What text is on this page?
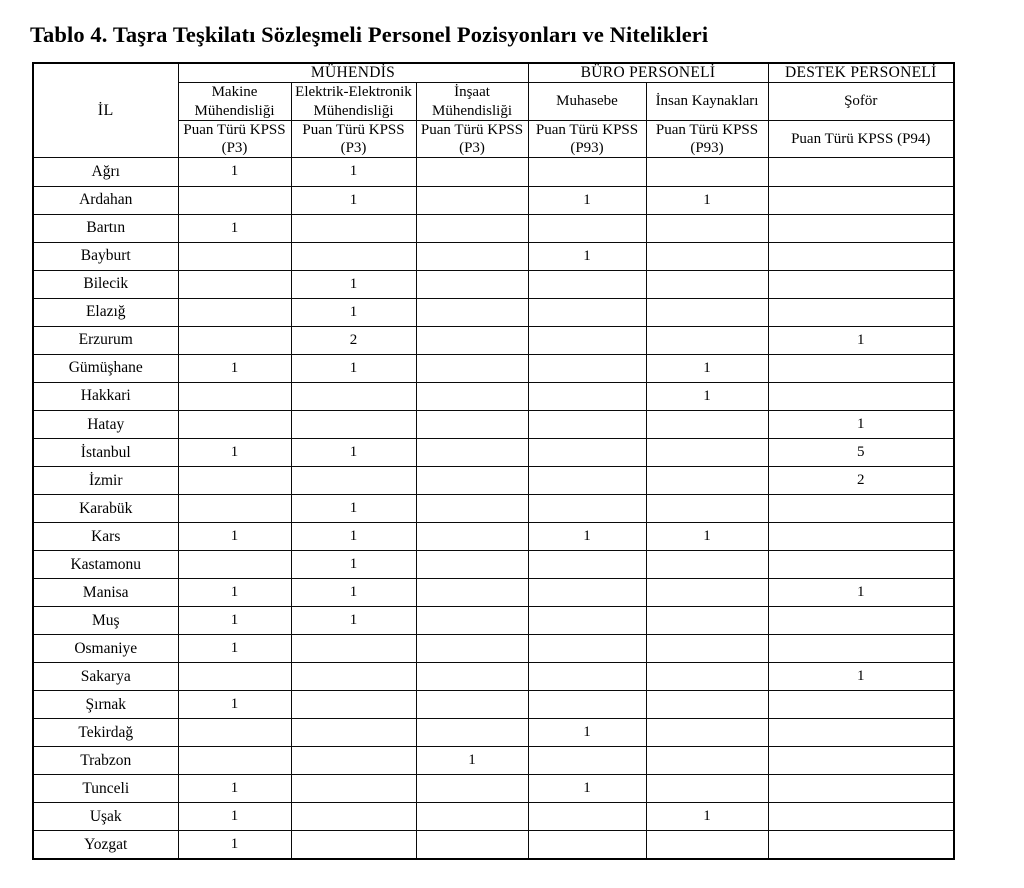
Tablo 4. Taşra Teşkilatı Sözleşmeli Personel Pozisyonları ve Nitelikleri
İL	MÜHENDİS			BÜRO PERSONELİ		DESTEK PERSONELİ
	Makine Mühendisliği	Elektrik-Elektronik Mühendisliği	İnşaat Mühendisliği	Muhasebe	İnsan Kaynakları	Şoför
	Puan Türü KPSS (P3)	Puan Türü KPSS (P3)	Puan Türü KPSS (P3)	Puan Türü KPSS (P93)	Puan Türü KPSS (P93)	Puan Türü KPSS (P94)
Ağrı	1	1				
Ardahan		1		1	1	
Bartın	1					
Bayburt				1		
Bilecik		1				
Elazığ		1				
Erzurum		2				1
Gümüşhane	1	1			1	
Hakkari					1	
Hatay						1
İstanbul	1	1				5
İzmir						2
Karabük		1				
Kars	1	1		1	1	
Kastamonu		1				
Manisa	1	1				1
Muş	1	1				
Osmaniye	1					
Sakarya						1
Şırnak	1					
Tekirdağ				1		
Trabzon			1			
Tunceli	1			1		
Uşak	1				1	
Yozgat	1					
